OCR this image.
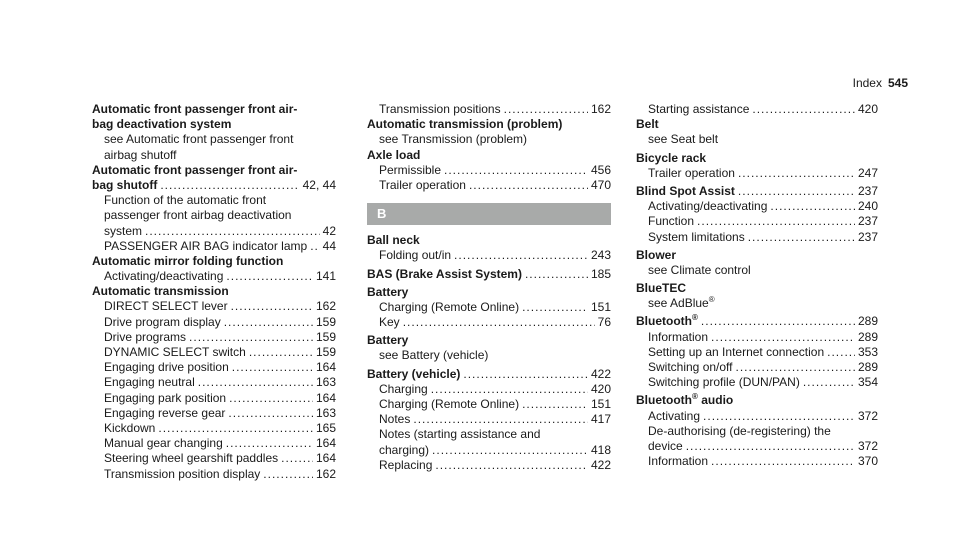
Index 545
Automatic front passenger front air-
bag deactivation system
see Automatic front passenger front
airbag shutoff
Automatic front passenger front air-
bag shutoff .....	42, 44
Function of the automatic front
passenger front airbag deactivation
system .....	42
PASSENGER AIR BAG indicator lamp ..... 44
Automatic mirror folding function
Activating/deactivating .....	141
Automatic transmission
DIRECT SELECT lever .....	162
Drive program display .....	159
Drive programs .....	159
DYNAMIC SELECT switch .....	159
Engaging drive position .....	164
Engaging neutral .....	163
Engaging park position .....	164
Engaging reverse gear .....	163
Kickdown .....	165
Manual gear changing .....	164
Steering wheel gearshift paddles .....	164
Transmission position display .....	162
Transmission positions .....	162
Automatic transmission (problem)
see Transmission (problem)
Axle load
Permissible .....	456
Trailer operation .....	470
B
Ball neck
Folding out/in .....	243
BAS (Brake Assist System) .....	185
Battery
Charging (Remote Online) .....	151
Key .....	76
Battery
see Battery (vehicle)
Battery (vehicle) .....	422
Charging .....	420
Charging (Remote Online) .....	151
Notes .....	417
Notes (starting assistance and
charging) .....	418
Replacing .....	422
Starting assistance .....	420
Belt
see Seat belt
Bicycle rack
Trailer operation .....	247
Blind Spot Assist .....	237
Activating/deactivating .....	240
Function .....	237
System limitations .....	237
Blower
see Climate control
BlueTEC
see AdBlue®
Bluetooth® .....	289
Information .....	289
Setting up an Internet connection .....	353
Switching on/off .....	289
Switching profile (DUN/PAN) .....	354
Bluetooth® audio
Activating .....	372
De-authorising (de-registering) the
device .....	372
Information .....	370
